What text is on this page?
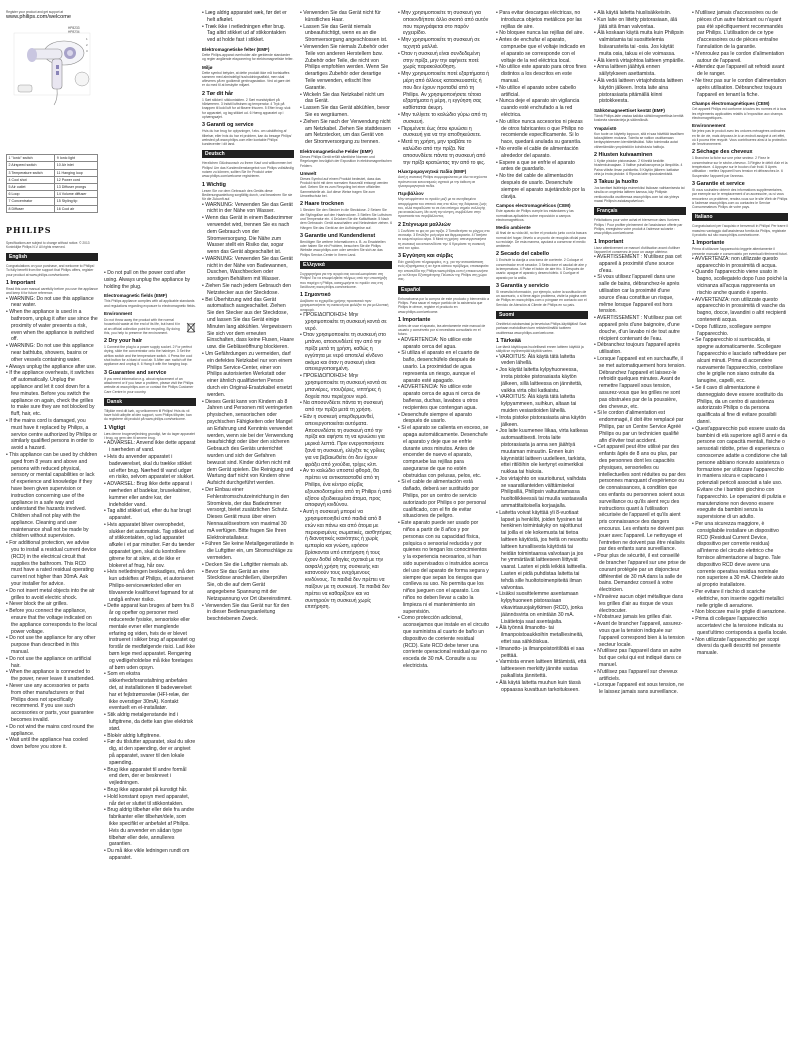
Register your product and get support at
www.philips.com/welcome
HP8233
HP8234
1
2
3
1 "Ionic" switch	9 Ionic light
2 Airspeed switch	10 Air inlet
3 Temperature switch	11 Hanging loop
4 Cool shot	12 Power cord
5 Air outlet	13 Diffuser prongs
6 Loop	14 Volume diffuser
7 Concentrator	15 Styling tip
8 Diffuser	16 Cool air
PHILIPS
Specifications are subject to change without notice. © 2013 Koninklijke Philips N.V. All rights reserved.
English
Congratulations on your purchase, and welcome to Philips! To fully benefit from the support that Philips offers, register your product at www.philips.com/welcome.
1 Important
Read this user manual carefully before you use the appliance and keep it for future reference.
• WARNING: Do not use this appliance near water.
• When the appliance is used in a bathroom, unplug it after use since the proximity of water presents a risk, even when the appliance is switched off.
• WARNING: Do not use this appliance near bathtubs, showers, basins or other vessels containing water.
• Always unplug the appliance after use.
• If the appliance overheats, it switches off automatically. Unplug the appliance and let it cool down for a few minutes. Before you switch the appliance on again, check the grilles to make sure they are not blocked by fluff, hair, etc.
• If the mains cord is damaged, you must have it replaced by Philips, a service centre authorized by Philips or similarly qualified persons in order to avoid a hazard.
• This appliance can be used by children aged from 8 years and above and persons with reduced physical, sensory or mental capabilities or lack of experience and knowledge if they have been given supervision or instruction concerning use of the appliance in a safe way and understand the hazards involved. Children shall not play with the appliance. Cleaning and user maintenance shall not be made by children without supervision.
• For additional protection, we advise you to install a residual current device (RCD) in the electrical circuit that supplies the bathroom. This RCD must have a rated residual operating current not higher than 30mA. Ask your installer for advice.
• Do not insert metal objects into the air grilles to avoid electric shock.
• Never block the air grilles.
• Before you connect the appliance, ensure that the voltage indicated on the appliance corresponds to the local power voltage.
• Do not use the appliance for any other purpose than described in this manual.
• Do not use the appliance on artificial hair.
• When the appliance is connected to the power, never leave it unattended.
• Never use any accessories or parts from other manufacturers or that Philips does not specifically recommend. If you use such accessories or parts, your guarantee becomes invalid.
• Do not wind the mains cord round the appliance.
• Wait until the appliance has cooled down before you store it.
• Do not pull on the power cord after using. Always unplug the appliance by holding the plug.
Electromagnetic fields (EMF)
This Philips appliance complies with all applicable standards and regulations regarding exposure to electromagnetic fields.
Environment
Do not throw away the product with the normal household waste at the end of its life, but hand it in at an official collection point for recycling. By doing this, you help to preserve the environment.
2 Dry your hair
1 Connect the plug to a power supply socket. 2 For perfect drying, slide the concentrator onto the hairdryer. 3 Set the airflow switch and the temperature switch. 4 Press the cool shot button for a blast of cool air. 5 After use: switch off the appliance and unplug it. 6 Hang it with the hanging loop.
3 Guarantee and service
If you need information e.g. about replacement of an attachment or if you have a problem, please visit the Philips website at www.philips.com or contact the Philips Customer Care Centre in your country.
Dansk
Tillykke med dit køb, og velkommen til Philips! Hvis du vil have fuldt udbytte af den support, som Philips tilbyder, kan du registrere dit produkt på www.philips.com/welcome.
1 Vigtigt
Læs denne brugervejledning grundigt, før du tager apparatet i brug, og gem den til senere brug.
• ADVARSEL: Anvend ikke dette apparat i nærheden af vand.
• Hvis du anvender apparatet i badeværelset, skal du trække stikket ud efter brug. Nærhed til vand udgør en risiko, selvom apparatet er slukket.
• ADVARSEL: Brug ikke dette apparat i nærheden af badekar, brusekabiner, kummer eller andre kar, der indeholder vand.
• Tag altid stikket ud, efter du har brugt apparatet.
• Hvis apparatet bliver overophedet, slukker det automatisk. Tag stikket ud af stikkontakten, og lad apparatet afkøle i et par minutter. Før du tænder apparatet igen, skal du kontrollere gitrene for at sikre, at de ikke er blokeret af fnug, hår osv.
• Hvis netledningen beskadiges, må den kun udskiftes af Philips, et autoriseret Philips-serviceværksted eller en tilsvarende kvalificeret fagmand for at undgå enhver risiko.
• Dette apparat kan bruges af børn fra 8 år og opefter og personer med reducerede fysiske, sensoriske eller mentale evner eller manglende erfaring og viden, hvis de er blevet instrueret i sikker brug af apparatet og forstår de medfølgende risici. Lad ikke børn lege med apparatet. Rengøring og vedligeholdelse må ikke foretages af børn uden opsyn.
• Som en ekstra sikkerhedsforanstaltning anbefales det, at installationen til badeværelset har et fejlstrømsrelæ (HFI-relæ, der ikke overstiger 30mA). Kontakt eventuelt en el-installatør.
• Stik aldrig metalgenstande ind i luftgitrene, da dette kan give elektrisk stød.
• Blokér aldrig luftgitrene.
• Før du tilslutter apparatet, skal du sikre dig, at den spænding, der er angivet på apparatet, svarer til den lokale spænding.
• Brug ikke apparatet til andre formål end dem, der er beskrevet i vejledningen.
• Brug ikke apparatet på kunstigt hår.
• Hold konstant opsyn med apparatet, når det er sluttet til stikkontakten.
• Brug aldrig tilbehør eller dele fra andre fabrikanter eller tilbehør/dele, som ikke specifikt er anbefalet af Philips. Hvis du anvender en sådan type tilbehør eller dele, annulleres garantien.
• Du må ikke vikle ledningen rundt om apparatet.
• Læg aldrig apparatet væk, før det er helt afkølet.
• Træk ikke i netledningen efter brug. Tag altid stikket ud af stikkontakten ved at holde fast i stikket.
Elektromagnetiske felter (EMF)
Dette Philips-apparat overholder alle gældende standarder og regler angående eksponering for elektromagnetiske felter.
Miljø
Dette symbol betyder, at dette produkt ikke må bortskaffes sammen med almindeligt husholdningsaffald, men skal afleveres på en godkendt genbrugsstation. Ved at gøre det er du med til at beskytte miljøet.
2 Tør dit hår
1 Sæt stikket i stikkontakten. 2 Sæt mundstykket på hårtørreren. 3 Indstil luftstrøm og temperatur. 4 Tryk på knappen til kold luft for at fiksere frisuren. 5 Efter brug: sluk for apparatet, og tag stikket ud. 6 Hæng apparatet op i ophængsøjet.
3 Garanti og service
Hvis du har brug for oplysninger, f.eks. om udskiftning af tilbehør, eller hvis du har et problem, kan du besøge Philips' websted på www.philips.com eller kontakte Philips' kundecenter i dit land.
Deutsch
Herzlichen Glückwunsch zu Ihrem Kauf und willkommen bei Philips! Um das Kundendienstangebot von Philips vollständig nutzen zu können, sollten Sie Ihr Produkt unter www.philips.com/welcome registrieren.
1 Wichtig
Lesen Sie vor dem Gebrauch des Geräts diese Bedienungsanleitung sorgfältig durch, und bewahren Sie sie für die Zukunft auf.
• WARNUNG: Verwenden Sie das Gerät nicht in der Nähe von Wasser.
• Wenn das Gerät in einem Badezimmer verwendet wird, trennen Sie es nach dem Gebrauch von der Stromversorgung. Die Nähe zum Wasser stellt ein Risiko dar, sogar wenn das Gerät abgeschaltet ist.
• WARNUNG: Verwenden Sie das Gerät nicht in der Nähe von Badewannen, Duschen, Waschbecken oder sonstigen Behältern mit Wasser.
• Ziehen Sie nach jedem Gebrauch den Netzstecker aus der Steckdose.
• Bei Überhitzung wird das Gerät automatisch ausgeschaltet. Ziehen Sie den Stecker aus der Steckdose, und lassen Sie das Gerät einige Minuten lang abkühlen. Vergewissern Sie sich vor dem erneuten Einschalten, dass keine Flusen, Haare usw. die Gebläseöffnung blockieren.
• Um Gefährdungen zu vermeiden, darf ein defektes Netzkabel nur von einem Philips Service-Center, einer von Philips autorisierten Werkstatt oder einer ähnlich qualifizierten Person durch ein Original-Ersatzkabel ersetzt werden.
• Dieses Gerät kann von Kindern ab 8 Jahren und Personen mit verringerten physischen, sensorischen oder psychischen Fähigkeiten oder Mangel an Erfahrung und Kenntnis verwendet werden, wenn sie bei der Verwendung beaufsichtigt oder über den sicheren Gebrauch des Geräts unterrichtet wurden und sich der Gefahren bewusst sind. Kinder dürfen nicht mit dem Gerät spielen. Die Reinigung und Wartung darf nicht von Kindern ohne Aufsicht durchgeführt werden.
• Der Einbau einer Fehlerstromschutzeinrichtung in den Stromkreis, der das Badezimmer versorgt, bietet zusätzlichen Schutz. Dieses Gerät muss über einen Nennauslösestrom von maximal 30 mA verfügen. Bitte fragen Sie Ihren Elektroinstallateur.
• Führen Sie keine Metallgegenstände in die Luftgitter ein, um Stromschläge zu vermeiden.
• Decken Sie die Luftgitter niemals ab.
• Bevor Sie das Gerät an eine Steckdose anschließen, überprüfen Sie, ob die auf dem Gerät angegebene Spannung mit der Netzspannung vor Ort übereinstimmt.
• Verwenden Sie das Gerät nur für den in dieser Bedienungsanleitung beschriebenen Zweck.
• Verwenden Sie das Gerät nicht für künstliches Haar.
• Lassen Sie das Gerät niemals unbeaufsichtigt, wenn es an die Stromversorgung angeschlossen ist.
• Verwenden Sie niemals Zubehör oder Teile von anderen Herstellern bzw. Zubehör oder Teile, die nicht von Philips empfohlen werden. Wenn Sie derartiges Zubehör oder derartige Teile verwenden, erlischt Ihre Garantie.
• Wickeln Sie das Netzkabel nicht um das Gerät.
• Lassen Sie das Gerät abkühlen, bevor Sie es wegräumen.
• Ziehen Sie nach der Verwendung nicht am Netzkabel. Ziehen Sie stattdessen am Netzstecker, um das Gerät von der Stromversorgung zu trennen.
Elektromagnetische Felder (EMF)
Dieses Philips Gerät erfüllt sämtliche Normen und Regelungen bezüglich der Exposition in elektromagnetischen Feldern.
Umwelt
Dieses Symbol auf einem Produkt bedeutet, dass das Produkt nicht mit dem normalen Hausmüll entsorgt werden darf. Geben Sie es zum Recycling bei einer offiziellen Sammelstelle ab. Auf diese Weise tragen Sie zum Umweltschutz bei.
2 Haare trocknen
1 Stecken Sie den Stecker in die Steckdose. 2 Setzen Sie die Stylingdüse auf den Haartrockner. 3 Stellen Sie Luftstrom und Temperatur ein. 4 Drücken Sie die Kaltlufttaste. 5 Nach dem Gebrauch: Gerät ausschalten und Netzstecker ziehen. 6 Hängen Sie das Gerät an der Aufhängeöse auf.
3 Garantie und Kundendienst
Benötigen Sie weitere Informationen z. B. zu Ersatzteilen oder haben Sie ein Problem, besuchen Sie die Philips Website www.philips.com oder wenden Sie sich an das Philips Service-Center in Ihrem Land.
Ελληνικά
Συγχαρητήρια για την αγορά σας και καλωσορίσατε στη Philips! Για να επωφεληθείτε πλήρως από την υποστήριξη που παρέχει η Philips, καταχωρήστε το προϊόν σας στη διεύθυνση www.philips.com/welcome.
1 Σημαντικό
Διαβάστε το εγχειρίδιο χρήσης προσεκτικά πριν χρησιμοποιήσετε τη συσκευή και φυλάξτε το για μελλοντική αναφορά.
• ΠΡΟΕΙΔΟΠΟΙΗΣΗ: Μην χρησιμοποιείτε τη συσκευή κοντά σε νερό.
• Όταν χρησιμοποιείτε τη συσκευή στο μπάνιο, αποσυνδέετέ την από την πρίζα μετά τη χρήση, καθώς η εγγύτητα με νερό αποτελεί κίνδυνο ακόμα και όταν η συσκευή είναι απενεργοποιημένη.
• ΠΡΟΕΙΔΟΠΟΙΗΣΗ: Μην χρησιμοποιείτε τη συσκευή κοντά σε μπανιέρες, ντουζιέρες, νιπτήρες ή δοχεία που περιέχουν νερό.
• Να αποσυνδέετε πάντα τη συσκευή από την πρίζα μετά τη χρήση.
• Εάν η συσκευή υπερθερμανθεί, απενεργοποιείται αυτόματα. Αποσυνδέστε τη συσκευή από την πρίζα και αφήστε τη να κρυώσει για μερικά λεπτά. Πριν ενεργοποιήσετε ξανά τη συσκευή, ελέγξτε τις γρίλιες για να βεβαιωθείτε ότι δεν έχουν φράξει από χνούδια, τρίχες κλπ.
• Αν το καλώδιο υποστεί φθορά, θα πρέπει να αντικατασταθεί από τη Philips, ένα κέντρο σέρβις εξουσιοδοτημένο από τη Philips ή από εξίσου εξειδικευμένα άτομα, προς αποφυγή κινδύνου.
• Αυτή η συσκευή μπορεί να χρησιμοποιηθεί από παιδιά από 8 ετών και πάνω και από άτομα με περιορισμένες σωματικές, αισθητήριες ή διανοητικές ικανότητες ή χωρίς εμπειρία και γνώση, εφόσον βρίσκονται υπό επιτήρηση ή τους έχουν δοθεί οδηγίες σχετικά με την ασφαλή χρήση της συσκευής και κατανοούν τους ενεχόμενους κινδύνους. Τα παιδιά δεν πρέπει να παίζουν με τη συσκευή. Τα παιδιά δεν πρέπει να καθαρίζουν και να συντηρούν τη συσκευή χωρίς επιτήρηση.
• Μην χρησιμοποιείτε τη συσκευή για οποιονδήποτε άλλο σκοπό από αυτόν που περιγράφεται στο παρόν εγχειρίδιο.
• Μην χρησιμοποιείτε τη συσκευή σε τεχνητά μαλλιά.
• Όταν η συσκευή είναι συνδεδεμένη στην πρίζα, μην την αφήνετε ποτέ χωρίς παρακολούθηση.
• Μην χρησιμοποιείτε ποτέ εξαρτήματα ή μέρη από άλλους κατασκευαστές ή που δεν έχουν προταθεί από τη Philips. Αν χρησιμοποιήσετε τέτοια εξαρτήματα ή μέρη, η εγγύηση σας καθίσταται άκυρη.
• Μην τυλίγετε το καλώδιο γύρω από τη συσκευή.
• Περιμένετε έως ότου κρυώσει η συσκευή για να την αποθηκεύσετε.
• Μετά τη χρήση, μην τραβάτε το καλώδιο από την πρίζα. Να αποσυνδέετε πάντα τη συσκευή από την πρίζα κρατώντας την από το φις.
Ηλεκτρομαγνητικά πεδία (EMF)
Αυτή η συσκευή Philips συμμορφώνεται με όλα τα ισχύοντα πρότυπα και κανονισμούς σχετικά με την έκθεση σε ηλεκτρομαγνητικά πεδία.
Περιβάλλον
Μην απορρίπτετε το προϊόν μαζί με τα συνηθισμένα απορρίμματα του σπιτιού σας στο τέλος της διάρκειας ζωής του, αλλά παραδώστε το σε ένα επίσημο σημείο συλλογής για ανακύκλωση. Με αυτή την κίνηση, συμβάλλετε στην προστασία του περιβάλλοντος.
2 Στέγνωμα μαλλιών
1 Συνδέστε το φις σε μια πρίζα. 2 Τοποθετήστε το ρύγχος στο σεσουάρ. 3 Επιλέξτε ροή αέρα και θερμοκρασία. 4 Πατήστε το κουμπί κρύου αέρα. 5 Μετά τη χρήση: απενεργοποιήστε τη συσκευή και αποσυνδέστε την. 6 Κρεμάστε τη συσκευή από τον κρίκο.
3 Εγγύηση και σέρβις
Εάν χρειάζεστε πληροφορίες, π.χ. για την αντικατάσταση ενός εξαρτήματος ή αν έχετε κάποιο πρόβλημα, επισκεφτείτε την ιστοσελίδα της Philips www.philips.com ή επικοινωνήστε με το Κέντρο Εξυπηρέτησης Πελατών της Philips στη χώρα σας.
Español
Enhorabuena por la compra de este producto y bienvenido a Philips. Para sacar el mayor partido de la asistencia que Philips le ofrece, registre el producto en www.philips.com/welcome.
1 Importante
Antes de usar el aparato, lea atentamente este manual de usuario y consérvelo por si necesitara consultarlo en el futuro.
• ADVERTENCIA: No utilice este aparato cerca del agua.
• Si utiliza el aparato en el cuarto de baño, desenchúfelo después de usarlo. La proximidad de agua representa un riesgo, aunque el aparato esté apagado.
• ADVERTENCIA: No utilice este aparato cerca de agua ni cerca de bañeras, duchas, lavabos u otros recipientes que contengan agua.
• Desenchufe siempre el aparato después de usarlo.
• Si el aparato se calienta en exceso, se apaga automáticamente. Desenchufe el aparato y deje que se enfríe durante unos minutos. Antes de encender de nuevo el aparato, compruebe las rejillas para asegurarse de que no estén obstruidas con pelusas, pelos, etc.
• Si el cable de alimentación está dañado, deberá ser sustituido por Philips, por un centro de servicio autorizado por Philips o por personal cualificado, con el fin de evitar situaciones de peligro.
• Este aparato puede ser usado por niños a partir de 8 años y por personas con su capacidad física, psíquica o sensorial reducida y por quienes no tengan los conocimientos y la experiencia necesarios, si han sido supervisados o instruidos acerca del uso del aparato de forma segura y siempre que sepan los riesgos que conlleva su uso. No permita que los niños jueguen con el aparato. Los niños no deben llevar a cabo la limpieza ni el mantenimiento sin supervisión.
• Como protección adicional, aconsejamos que instale en el circuito que suministra al cuarto de baño un dispositivo de corriente residual (RCD). Este RCD debe tener una corriente operacional residual que no exceda de 30 mA. Consulte a su electricista.
• Para evitar descargas eléctricas, no introduzca objetos metálicos por las rejillas de aire.
• No bloquee nunca las rejillas del aire.
• Antes de enchufar el aparato, compruebe que el voltaje indicado en el aparato se corresponde con el voltaje de la red eléctrica local.
• No utilice este aparato para otros fines distintos a los descritos en este manual.
• No utilice el aparato sobre cabello artificial.
• Nunca deje el aparato sin vigilancia cuando esté enchufado a la red eléctrica.
• No utilice nunca accesorios ni piezas de otros fabricantes o que Philips no recomiende específicamente. Si lo hace, quedará anulada su garantía.
• No enrolle el cable de alimentación alrededor del aparato.
• Espere a que se enfríe el aparato antes de guardarlo.
• No tire del cable de alimentación después de usarlo. Desenchufe siempre el aparato sujetándolo por la clavija.
Campos electromagnéticos (CEM)
Este aparato de Philips cumple los estándares y las normativas aplicables sobre exposición a campos electromagnéticos.
Medio ambiente
Al final de su vida útil, no tire el producto junto con la basura normal del hogar; llévelo a un punto de recogida oficial para su reciclaje. De esta manera, ayudará a conservar el medio ambiente.
2 Secado del cabello
1 Enchufe la clavija a una toma de corriente. 2 Coloque el concentrador en el secador. 3 Seleccione el caudal de aire y la temperatura. 4 Pulse el botón de aire frío. 5 Después de usarlo: apague el aparato y desenchúfelo. 6 Cuelgue el aparato por la anilla.
3 Garantía y servicio
Si necesita información, por ejemplo, sobre la sustitución de un accesorio, o si tiene algún problema, visite la página web de Philips en www.philips.com o póngase en contacto con el Servicio de Atención al Cliente de Philips en su país.
Suomi
Onnittelut ostoksestasi ja tervetuloa Philips-käyttäjäksi! Saat parhaan mahdollisen tuen rekisteröimällä tuotteen osoitteessa www.philips.com/welcome.
1 Tärkeää
Lue tämä käyttöopas huolellisesti ennen laitteen käyttöä ja säilytä se myöhempää käyttöä varten.
• VAROITUS: Älä käytä tätä laitetta veden lähellä.
• Jos käytät laitetta kylpyhuoneessa, irrota pistoke pistorasiasta käytön jälkeen, sillä laitteessa on jännitettä, vaikka virta olisi katkaistu.
• VAROITUS: Älä käytä tätä laitetta kylpyammeen, suihkun, altaan tai muiden vesiastioiden lähellä.
• Irrota pistoke pistorasiasta aina käytön jälkeen.
• Jos laite kuumenee liikaa, virta katkeaa automaattisesti. Irrota laite pistorasiasta ja anna sen jäähtyä muutaman minuutin. Ennen kuin käynnistät laitteen uudelleen, tarkista, ettei ritilöihin ole kertynyt esimerkiksi nukkaa tai hiuksia.
• Jos virtajohto on vaurioitunut, vaihdata se vaaratilanteiden välttämiseksi Philipsillä, Philipsin valtuuttamassa huoltoliikkeessä tai muulla vastaavalla ammattitaitoisella korjaajalla.
• Laitetta voivat käyttää yli 8-vuotiaat lapset ja henkilöt, joiden fyysinen tai henkinen toimintakyky on rajoittunut tai joilla ei ole kokemusta tai tietoa laitteen käytöstä, jos heitä on neuvottu laitteen turvallisesta käytöstä tai heidän toimintaansa valvotaan ja jos he ymmärtävät laitteeseen liittyvät vaarat. Lasten ei pidä leikkiä laitteella. Lasten ei pidä puhdistaa laitetta tai tehdä sille huoltotoimenpiteitä ilman valvontaa.
• Lisäksi suosittelemme asentamaan kylpyhuoneen pistorasiaan vikavirtasuojakytkimen (RCD), jonka jäännösvirta on enintään 30 mA. Lisätietoja saat asentajalta.
• Älä työnnä ilmanotto- tai ilmanpoistoaukkoihin metalliesineitä, ettet saa sähköiskua.
• Ilmanotto- ja ilmanpoistoritilöitä ei saa peittää.
• Varmista ennen laitteen liittämistä, että laitteeseen merkitty jännite vastaa paikallista jännitettä.
• Älä käytä laitetta muuhun kuin tässä oppaassa kuvattuun tarkoitukseen.
• Älä käytä laitetta hiuslisäkkeisiin.
• Kun laite on liitetty pistorasiaan, älä jätä sitä ilman valvontaa.
• Älä koskaan käytä muita kuin Philipsin valmistamia tai suosittelemia lisävarusteita tai -osia. Jos käytät muita osia, takuu ei ole voimassa.
• Älä kierrä virtajohtoa laitteen ympärille.
• Anna laitteen jäähtyä ennen säilytykseen asettamista.
• Älä vedä laitteen virtajohdosta laitteen käytön jälkeen. Irrota laite aina pistorasiasta pitämällä kiinni pistokkeesta.
Sähkömagneettiset kentät (EMF)
Tämä Philips-laite vastaa kaikkia sähkömagneettisia kenttiä koskevia standardeja ja säännöksiä.
Ympäristö
Kun tuote on käytetty loppuun, sitä ei saa hävittää tavallisen talousjätteen mukana. Toimita se valtion osoittamaan keräyspisteeseen kierrätettäväksi. Näin toimimalla autat vähentämään ympäristöön kohdistuvia haittoja.
2 Hiusten kuivaaminen
1 Kytke pistoke pistorasiaan. 2 Kiinnitä keskitin hiustenkuivaajaan. 3 Valitse puhallusnopeus ja lämpötila. 4 Paina viileän ilman painiketta. 5 Käytön jälkeen: katkaise virta ja irrota pistoke. 6 Ripusta laite ripustuslenkistä.
3 Takuu ja huolto
Jos tarvitset lisätietoja esimerkiksi lisäosan vaihtamisesta tai sinulla on ongelmia laitteen kanssa, käy Philipsin verkkosivuilla osoitteessa www.philips.com tai ota yhteys maasi Philipsin asiakaspalveluun.
Français
Félicitations pour votre achat et bienvenue dans l'univers Philips ! Pour profiter pleinement de l'assistance offerte par Philips, enregistrez votre produit à l'adresse suivante : www.philips.com/welcome.
1 Important
Lisez attentivement ce manuel d'utilisation avant d'utiliser l'appareil et conservez-le pour un usage ultérieur.
• AVERTISSEMENT : N'utilisez pas cet appareil à proximité d'une source d'eau.
• Si vous utilisez l'appareil dans une salle de bains, débranchez-le après utilisation car la proximité d'une source d'eau constitue un risque, même lorsque l'appareil est hors tension.
• AVERTISSEMENT : N'utilisez pas cet appareil près d'une baignoire, d'une douche, d'un lavabo ni de tout autre récipient contenant de l'eau.
• Débranchez toujours l'appareil après utilisation.
• Lorsque l'appareil est en surchauffe, il se met automatiquement hors tension. Débranchez l'appareil et laissez-le refroidir quelques minutes. Avant de remettre l'appareil sous tension, assurez-vous que les grilles ne sont pas obstruées par de la poussière, des cheveux, etc.
• Si le cordon d'alimentation est endommagé, il doit être remplacé par Philips, par un Centre Service Agréé Philips ou par un technicien qualifié afin d'éviter tout accident.
• Cet appareil peut être utilisé par des enfants âgés de 8 ans ou plus, par des personnes dont les capacités physiques, sensorielles ou intellectuelles sont réduites ou par des personnes manquant d'expérience ou de connaissances, à condition que ces enfants ou personnes soient sous surveillance ou qu'ils aient reçu des instructions quant à l'utilisation sécurisée de l'appareil et qu'ils aient pris connaissance des dangers encourus. Les enfants ne doivent pas jouer avec l'appareil. Le nettoyage et l'entretien ne doivent pas être réalisés par des enfants sans surveillance.
• Pour plus de sécurité, il est conseillé de brancher l'appareil sur une prise de courant protégée par un disjoncteur différentiel de 30 mA dans la salle de bains. Demandez conseil à votre électricien.
• N'insérez aucun objet métallique dans les grilles d'air au risque de vous électrocuter.
• N'obstruez jamais les grilles d'air.
• Avant de brancher l'appareil, assurez-vous que la tension indiquée sur l'appareil correspond bien à la tension secteur locale.
• N'utilisez pas l'appareil dans un autre but que celui qui est indiqué dans ce manuel.
• N'utilisez pas l'appareil sur cheveux artificiels.
• Lorsque l'appareil est sous tension, ne le laissez jamais sans surveillance.
• N'utilisez jamais d'accessoires ou de pièces d'un autre fabricant ou n'ayant pas été spécifiquement recommandés par Philips. L'utilisation de ce type d'accessoires ou de pièces entraîne l'annulation de la garantie.
• N'enroulez pas le cordon d'alimentation autour de l'appareil.
• Attendez que l'appareil ait refroidi avant de le ranger.
• Ne tirez pas sur le cordon d'alimentation après utilisation. Débranchez toujours l'appareil en tenant la fiche.
Champs électromagnétiques (CEM)
Cet appareil Philips est conforme à toutes les normes et à tous les règlements applicables relatifs à l'exposition aux champs électromagnétiques.
Environnement
Ne jetez pas le produit avec les ordures ménagères ordinaires en fin de vie, mais déposez-le à un endroit assigné à cet effet, où il pourra être recyclé. Vous contribuerez ainsi à la protection de l'environnement.
2 Séchage des cheveux
1 Branchez la fiche sur une prise secteur. 2 Fixez le concentrateur sur le sèche-cheveux. 3 Réglez le débit d'air et la température. 4 Appuyez sur le bouton d'air froid. 5 Après utilisation : mettez l'appareil hors tension et débranchez-le. 6 Suspendez l'appareil par l'anneau.
3 Garantie et service
Si vous souhaitez obtenir des informations supplémentaires, par exemple sur le remplacement d'un accessoire, ou si vous rencontrez un problème, rendez-vous sur le site Web de Philips à l'adresse www.philips.com ou contactez le Service Consommateurs Philips de votre pays.
Italiano
Congratulazioni per l'acquisto e benvenuti in Philips! Per trarre il massimo vantaggio dall'assistenza fornita da Philips, registrate il prodotto sul sito www.philips.com/welcome.
1 Importante
Prima di utilizzare l'apparecchio leggete attentamente il presente manuale e conservatelo per eventuali riferimenti futuri.
• AVVERTENZA: non utilizzate questo apparecchio in prossimità di acqua.
• Quando l'apparecchio viene usato in bagno, scollegatelo dopo l'uso poiché la vicinanza all'acqua rappresenta un rischio anche quando è spento.
• AVVERTENZA: non utilizzate questo apparecchio in prossimità di vasche da bagno, docce, lavandini o altri recipienti contenenti acqua.
• Dopo l'utilizzo, scollegare sempre l'apparecchio.
• Se l'apparecchio si surriscalda, si spegne automaticamente. Scollegare l'apparecchio e lasciarlo raffreddare per alcuni minuti. Prima di accendere nuovamente l'apparecchio, controllare che le griglie non siano ostruite da lanugine, capelli, ecc.
• Se il cavo di alimentazione è danneggiato deve essere sostituito da Philips, da un centro di assistenza autorizzato Philips o da persona qualificata al fine di evitare possibili danni.
• Quest'apparecchio può essere usato da bambini di età superiore agli 8 anni e da persone con capacità mentali, fisiche o sensoriali ridotte, prive di esperienza o conoscenze adatte a condizione che tali persone abbiano ricevuto assistenza o formazione per utilizzare l'apparecchio in maniera sicura e capiscano i potenziali pericoli associati a tale uso. Evitare che i bambini giochino con l'apparecchio. Le operazioni di pulizia e manutenzione non devono essere eseguite da bambini senza la supervisione di un adulto.
• Per una sicurezza maggiore, è consigliabile installare un dispositivo RCD (Residual Current Device, dispositivo per corrente residua) all'interno del circuito elettrico che fornisce alimentazione al bagno. Tale dispositivo RCD deve avere una corrente operativa residua nominale non superiore a 30 mA. Chiedete aiuto al proprio installatore.
• Per evitare il rischio di scariche elettriche, non inserire oggetti metallici nelle griglie di aerazione.
• Non bloccare mai le griglie di aerazione.
• Prima di collegare l'apparecchio accertatevi che la tensione indicata su quest'ultimo corrisponda a quella locale.
• Non utilizzate l'apparecchio per scopi diversi da quelli descritti nel presente manuale.
